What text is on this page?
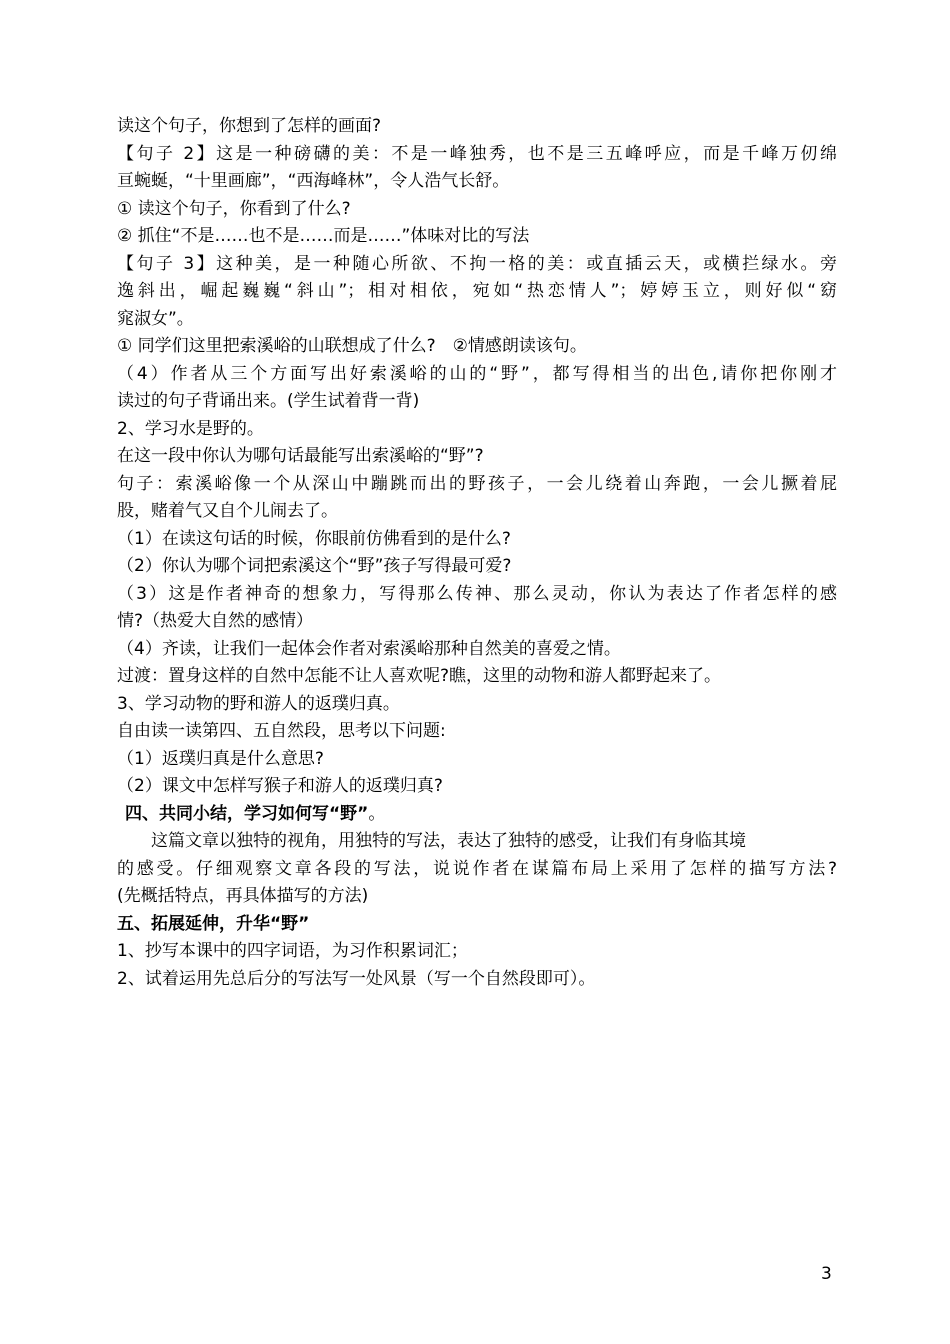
读这个句子，你想到了怎样的画面?

【句子 2】这是一种磅礴的美：不是一峰独秀，也不是三五峰呼应，而是千峰万仞绵

亘蜿蜒，“十里画廊”，“西海峰林”，令人浩气长舒。

① 读这个句子，你看到了什么?

② 抓住“不是……也不是……而是……”体味对比的写法

【句子 3】这种美，是一种随心所欲、不拘一格的美：或直插云天，或横拦绿水。旁

逸斜出，崛起巍巍“斜山”；相对相依，宛如“热恋情人”；婷婷玉立，则好似“窈

窕淑女”。

① 同学们这里把索溪峪的山联想成了什么?　②情感朗读该句。

（4）作者从三个方面写出好索溪峪的山的“野”，都写得相当的出色,请你把你刚才

读过的句子背诵出来。(学生试着背一背)

2、学习水是野的。

在这一段中你认为哪句话最能写出索溪峪的“野”?

句子：索溪峪像一个从深山中蹦跳而出的野孩子，一会儿绕着山奔跑，一会儿撅着屁

股，赌着气又自个儿闹去了。

（1）在读这句话的时候，你眼前仿佛看到的是什么?

（2）你认为哪个词把索溪这个“野”孩子写得最可爱?

（3）这是作者神奇的想象力，写得那么传神、那么灵动，你认为表达了作者怎样的感

情?（热爱大自然的感情）

（4）齐读，让我们一起体会作者对索溪峪那种自然美的喜爱之情。

过渡：置身这样的自然中怎能不让人喜欢呢?瞧，这里的动物和游人都野起来了。

3、学习动物的野和游人的返璞归真。

自由读一读第四、五自然段，思考以下问题:

（1）返璞归真是什么意思?

（2）课文中怎样写猴子和游人的返璞归真?

四、共同小结，学习如何写“野”。

这篇文章以独特的视角，用独特的写法，表达了独特的感受，让我们有身临其境

的感受。仔细观察文章各段的写法，说说作者在谋篇布局上采用了怎样的描写方法?

(先概括特点，再具体描写的方法)

五、拓展延伸，升华“野”

1、抄写本课中的四字词语，为习作积累词汇；

2、试着运用先总后分的写法写一处风景（写一个自然段即可）。

3
